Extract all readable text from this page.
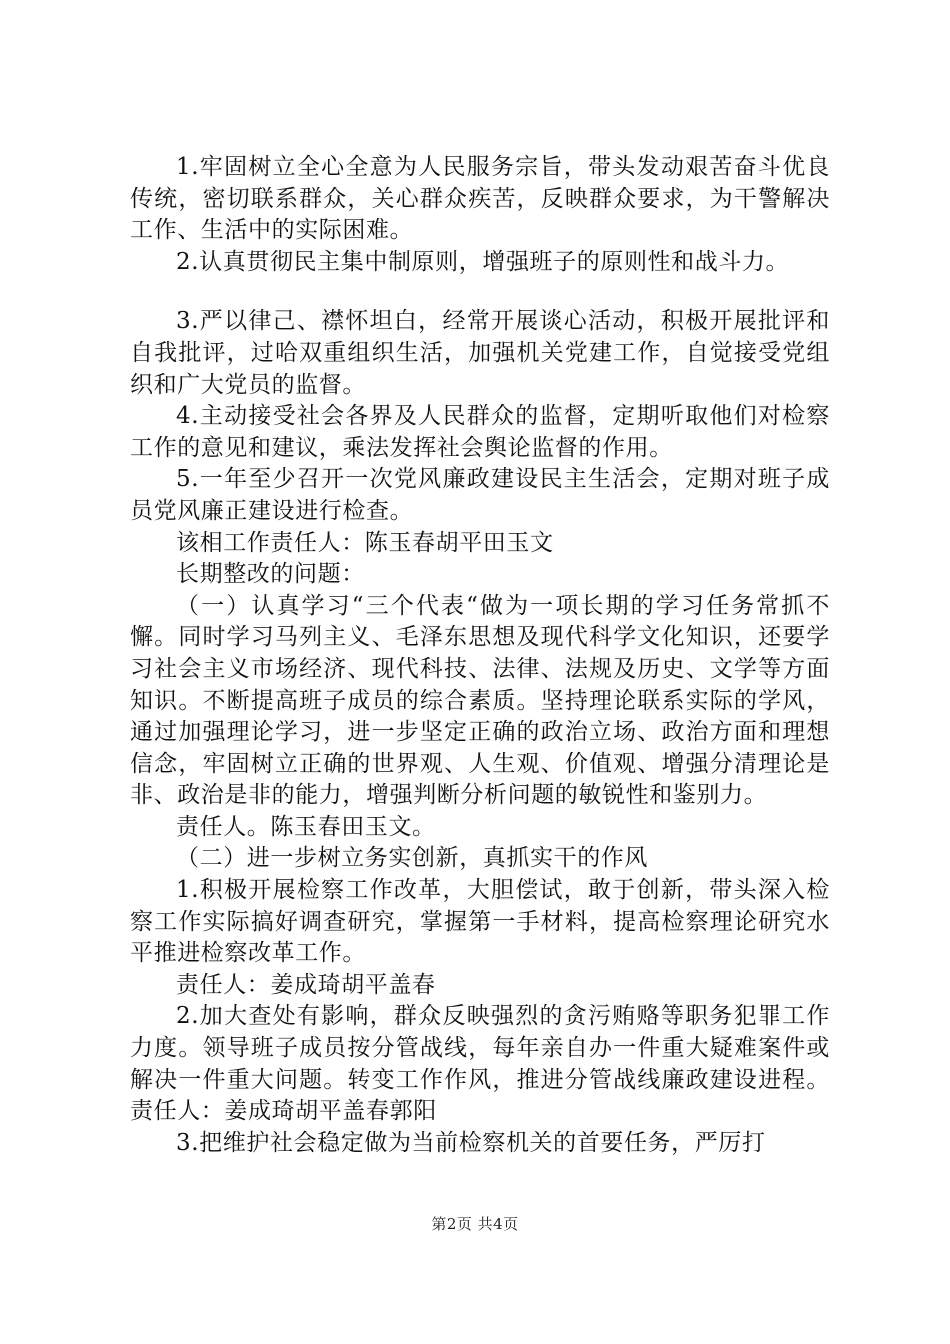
1.牢固树立全心全意为人民服务宗旨，带头发动艰苦奋斗优良传统，密切联系群众，关心群众疾苦，反映群众要求，为干警解决工作、生活中的实际困难。

2.认真贯彻民主集中制原则，增强班子的原则性和战斗力。

3.严以律己、襟怀坦白，经常开展谈心活动，积极开展批评和自我批评，过哈双重组织生活，加强机关党建工作，自觉接受党组织和广大党员的监督。

4.主动接受社会各界及人民群众的监督，定期听取他们对检察工作的意见和建议，乘法发挥社会舆论监督的作用。

5.一年至少召开一次党风廉政建设民主生活会，定期对班子成员党风廉正建设进行检查。

该相工作责任人：陈玉春胡平田玉文

长期整改的问题：

（一）认真学习“三个代表“做为一项长期的学习任务常抓不懈。同时学习马列主义、毛泽东思想及现代科学文化知识，还要学习社会主义市场经济、现代科技、法律、法规及历史、文学等方面知识。不断提高班子成员的综合素质。坚持理论联系实际的学风，通过加强理论学习，进一步坚定正确的政治立场、政治方面和理想信念，牢固树立正确的世界观、人生观、价值观、增强分清理论是非、政治是非的能力，增强判断分析问题的敏锐性和鉴别力。

责任人。陈玉春田玉文。

（二）进一步树立务实创新，真抓实干的作风

1.积极开展检察工作改革，大胆偿试，敢于创新，带头深入检察工作实际搞好调查研究，掌握第一手材料，提高检察理论研究水平推进检察改革工作。

责任人：姜成琦胡平盖春

2.加大查处有影响，群众反映强烈的贪污贿赂等职务犯罪工作力度。领导班子成员按分管战线，每年亲自办一件重大疑难案件或解决一件重大问题。转变工作作风，推进分管战线廉政建设进程。责任人：姜成琦胡平盖春郭阳

3.把维护社会稳定做为当前检察机关的首要任务，严厉打

第2页 共4页
